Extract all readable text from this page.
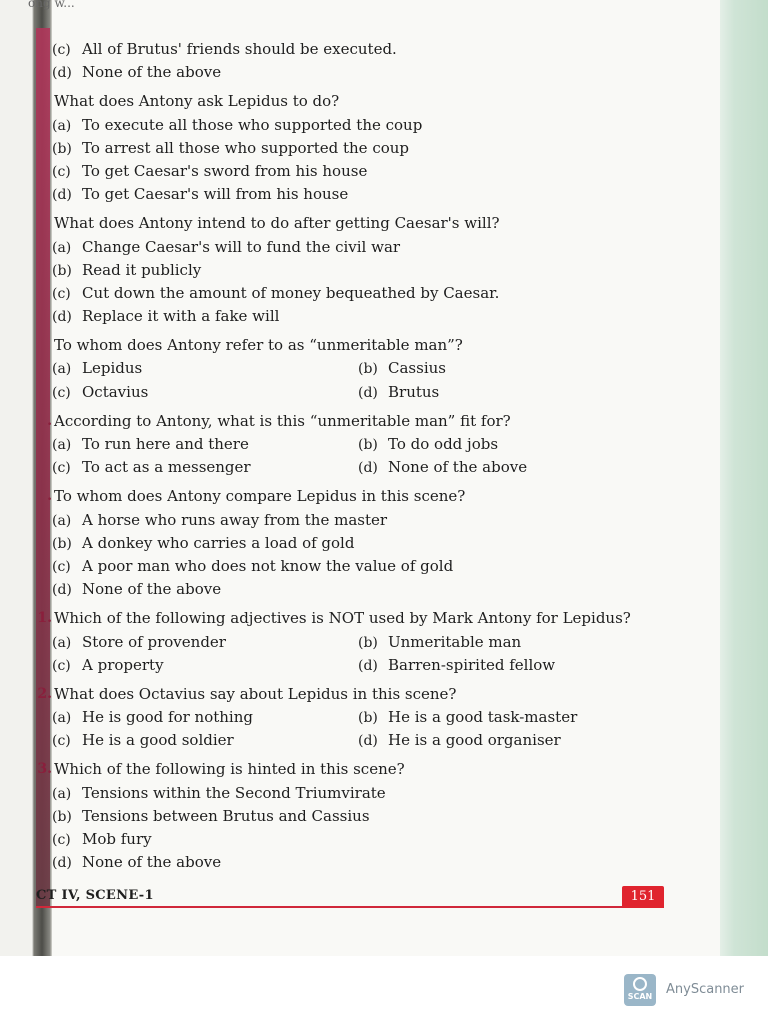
ong w...
(c) All of Brutus' friends should be executed.
(d) None of the above
What does Antony ask Lepidus to do?
(a) To execute all those who supported the coup
(b) To arrest all those who supported the coup
(c) To get Caesar's sword from his house
(d) To get Caesar's will from his house
What does Antony intend to do after getting Caesar's will?
(a) Change Caesar's will to fund the civil war
(b) Read it publicly
(c) Cut down the amount of money bequeathed by Caesar.
(d) Replace it with a fake will
To whom does Antony refer to as “unmeritable man”?
(a) Lepidus	(b) Cassius
(c) Octavius	(d) Brutus
. According to Antony, what is this “unmeritable man” fit for?
(a) To run here and there	(b) To do odd jobs
(c) To act as a messenger	(d) None of the above
. To whom does Antony compare Lepidus in this scene?
(a) A horse who runs away from the master
(b) A donkey who carries a load of gold
(c) A poor man who does not know the value of gold
(d) None of the above
1. Which of the following adjectives is NOT used by Mark Antony for Lepidus?
(a) Store of provender	(b) Unmeritable man
(c) A property	(d) Barren-spirited fellow
2. What does Octavius say about Lepidus in this scene?
(a) He is good for nothing	(b) He is a good task-master
(c) He is a good soldier	(d) He is a good organiser
3. Which of the following is hinted in this scene?
(a) Tensions within the Second Triumvirate
(b) Tensions between Brutus and Cassius
(c) Mob fury
(d) None of the above
CT IV, SCENE-1	151
SCAN AnyScanner
